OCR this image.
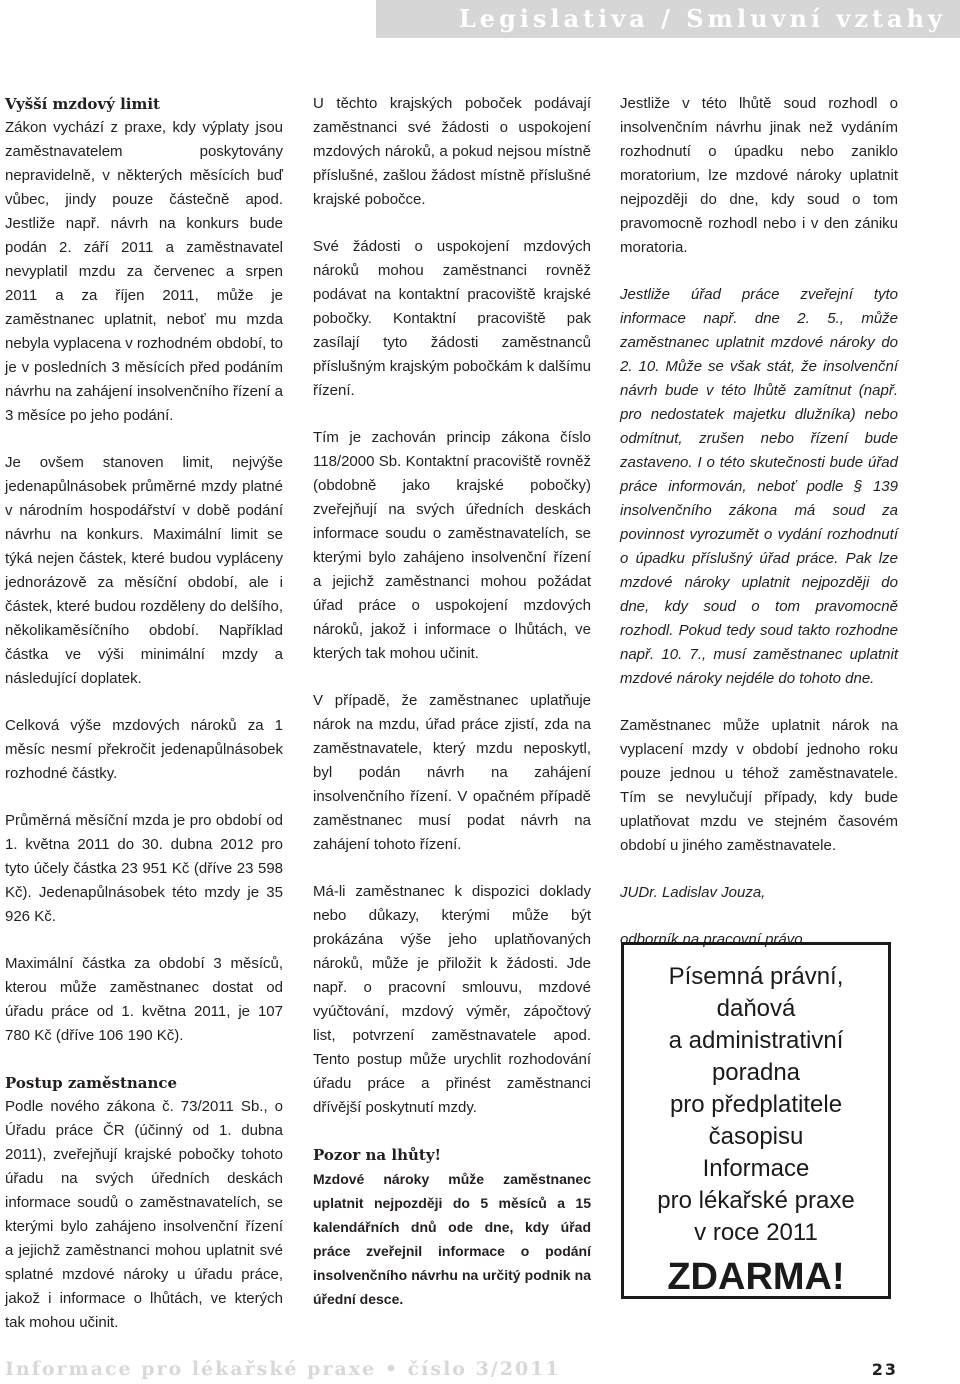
Legislativa / Smluvní vztahy
Vyšší mzdový limit

Zákon vychází z praxe, kdy výplaty jsou zaměstnavatelem poskytovány nepravidelně, v některých měsících buď vůbec, jindy pouze částečně apod. Jestliže např. návrh na konkurs bude podán 2. září 2011 a zaměstnavatel nevyplatil mzdu za červenec a srpen 2011 a za říjen 2011, může je zaměstnanec uplatnit, neboť mu mzda nebyla vyplacena v rozhodném období, to je v posledních 3 měsících před podáním návrhu na zahájení insolvenčního řízení a 3 měsíce po jeho podání.

Je ovšem stanoven limit, nejvýše jedenapůlnásobek průměrné mzdy platné v národním hospodářství v době podání návrhu na konkurs. Maximální limit se týká nejen částek, které budou vypláceny jednorázově za měsíční období, ale i částek, které budou rozděleny do delšího, několikaměsíčního období. Například částka ve výši minimální mzdy a následující doplatek.

Celková výše mzdových nároků za 1 měsíc nesmí překročit jedenapůlnásobek rozhodné částky.

Průměrná měsíční mzda je pro období od 1. května 2011 do 30. dubna 2012 pro tyto účely částka 23 951 Kč (dříve 23 598 Kč). Jedenapůlnásobek této mzdy je 35 926 Kč.

Maximální částka za období 3 měsíců, kterou může zaměstnanec dostat od úřadu práce od 1. května 2011, je 107 780 Kč (dříve 106 190 Kč).

Postup zaměstnance

Podle nového zákona č. 73/2011 Sb., o Úřadu práce ČR (účinný od 1. dubna 2011), zveřejňují krajské pobočky tohoto úřadu na svých úředních deskách informace soudů o zaměstnavatelích, se kterými bylo zahájeno insolvenční řízení a jejichž zaměstnanci mohou uplatnit své splatné mzdové nároky u úřadu práce, jakož i informace o lhůtách, ve kterých tak mohou učinit.

U těchto krajských poboček podávají zaměstnanci své žádosti o uspokojení mzdových nároků, a pokud nejsou místně příslušné, zašlou žádost místně příslušné krajské pobočce.

Své žádosti o uspokojení mzdových nároků mohou zaměstnanci rovněž podávat na kontaktní pracoviště krajské pobočky. Kontaktní pracoviště pak zasílají tyto žádosti zaměstnanců příslušným krajským pobočkám k dalšímu řízení.

Tím je zachován princip zákona číslo 118/2000 Sb. Kontaktní pracoviště rovněž (obdobně jako krajské pobočky) zveřejňují na svých úředních deskách informace soudu o zaměstnavatelích, se kterými bylo zahájeno insolvenční řízení a jejichž zaměstnanci mohou požádat úřad práce o uspokojení mzdových nároků, jakož i informace o lhůtách, ve kterých tak mohou učinit.

V případě, že zaměstnanec uplatňuje nárok na mzdu, úřad práce zjistí, zda na zaměstnavatele, který mzdu neposkytl, byl podán návrh na zahájení insolvenčního řízení. V opačném případě zaměstnanec musí podat návrh na zahájení tohoto řízení.

Má-li zaměstnanec k dispozici doklady nebo důkazy, kterými může být prokázána výše jeho uplatňovaných nároků, může je přiložit k žádosti. Jde např. o pracovní smlouvu, mzdové vyúčtování, mzdový výměr, zápočtový list, potvrzení zaměstnavatele apod. Tento postup může urychlit rozhodování úřadu práce a přinést zaměstnanci dřívější poskytnutí mzdy.

Pozor na lhůty!

Mzdové nároky může zaměstnanec uplatnit nejpozději do 5 měsíců a 15 kalendářních dnů ode dne, kdy úřad práce zveřejnil informace o podání insolvenčního návrhu na určitý podnik na úřední desce.

Jestliže v této lhůtě soud rozhodl o insolvenčním návrhu jinak než vydáním rozhodnutí o úpadku nebo zaniklo moratorium, lze mzdové nároky uplatnit nejpozději do dne, kdy soud o tom pravomocně rozhodl nebo i v den zániku moratoria.

Jestliže úřad práce zveřejní tyto informace např. dne 2. 5., může zaměstnanec uplatnit mzdové nároky do 2. 10. Může se však stát, že insolvenční návrh bude v této lhůtě zamítnut (např. pro nedostatek majetku dlužníka) nebo odmítnut, zrušen nebo řízení bude zastaveno. I o této skutečnosti bude úřad práce informován, neboť podle § 139 insolvenčního zákona má soud za povinnost vyrozumět o vydání rozhodnutí o úpadku příslušný úřad práce. Pak lze mzdové nároky uplatnit nejpozději do dne, kdy soud o tom pravomocně rozhodl. Pokud tedy soud takto rozhodne např. 10. 7., musí zaměstnanec uplatnit mzdové nároky nejdéle do tohoto dne.

Zaměstnanec může uplatnit nárok na vyplacení mzdy v období jednoho roku pouze jednou u téhož zaměstnavatele. Tím se nevylučují případy, kdy bude uplatňovat mzdu ve stejném časovém období u jiného zaměstnavatele.

JUDr. Ladislav Jouza,

odborník na pracovní právo

Písemná právní,
daňová
a administrativní
poradna
pro předplatitele
časopisu
Informace
pro lékařské praxe
v roce 2011
ZDARMA!
Informace pro lékařské praxe • číslo 3/2011	23
